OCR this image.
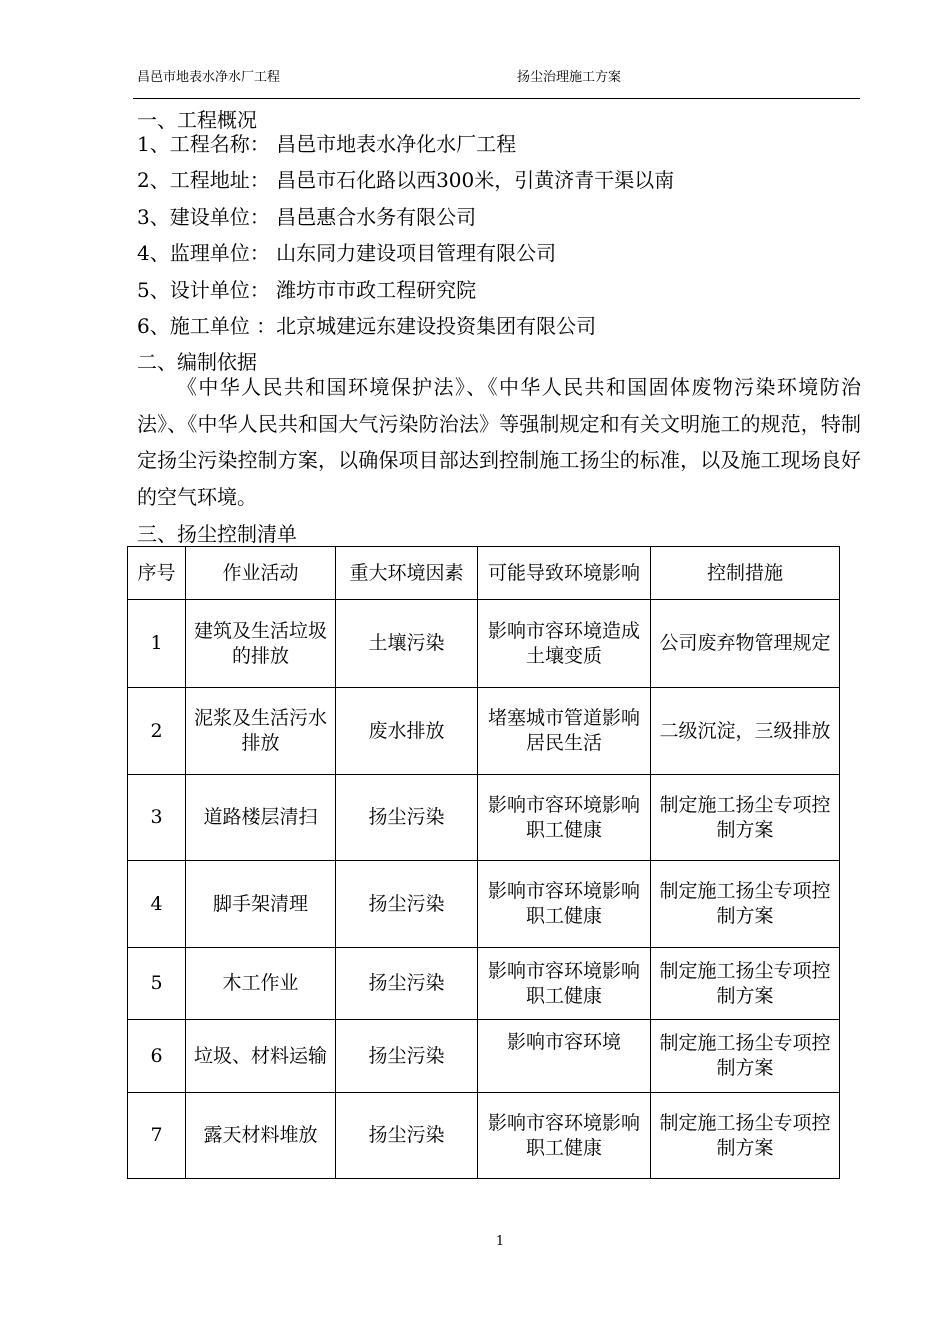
昌邑市地表水净水厂工程	扬尘治理施工方案
一、工程概况
1、工程名称： 昌邑市地表水净化水厂工程
2、工程地址： 昌邑市石化路以西300米，引黄济青干渠以南
3、建设单位： 昌邑惠合水务有限公司
4、监理单位： 山东同力建设项目管理有限公司
5、设计单位： 潍坊市市政工程研究院
6、施工单位 ：北京城建远东建设投资集团有限公司
二、编制依据
《中华人民共和国环境保护法》、《中华人民共和国固体废物污染环境防治法》、《中华人民共和国大气污染防治法》等强制规定和有关文明施工的规范，特制定扬尘污染控制方案，以确保项目部达到控制施工扬尘的标准，以及施工现场良好的空气环境。
三、扬尘控制清单
序号	作业活动	重大环境因素	可能导致环境影响	控制措施
1	建筑及生活垃圾的排放	土壤污染	影响市容环境造成土壤变质	公司废弃物管理规定
2	泥浆及生活污水排放	废水排放	堵塞城市管道影响居民生活	二级沉淀，三级排放
3	道路楼层清扫	扬尘污染	影响市容环境影响职工健康	制定施工扬尘专项控制方案
4	脚手架清理	扬尘污染	影响市容环境影响职工健康	制定施工扬尘专项控制方案
5	木工作业	扬尘污染	影响市容环境影响职工健康	制定施工扬尘专项控制方案
6	垃圾、材料运输	扬尘污染	影响市容环境	制定施工扬尘专项控制方案
7	露天材料堆放	扬尘污染	影响市容环境影响职工健康	制定施工扬尘专项控制方案
1
